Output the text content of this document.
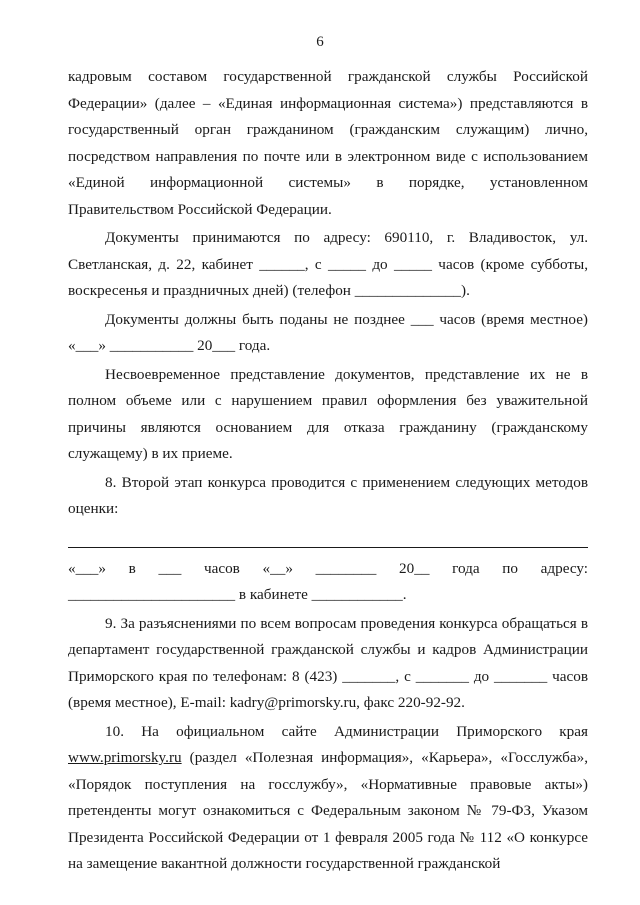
6

кадровым составом государственной гражданской службы Российской Федерации» (далее – «Единая информационная система») представляются в государственный орган гражданином (гражданским служащим) лично, посредством направления по почте или в электронном виде с использованием «Единой информационной системы» в порядке, установленном Правительством Российской Федерации.

Документы принимаются по адресу: 690110, г. Владивосток, ул. Светланская, д. 22, кабинет ______, с _____ до _____ часов (кроме субботы, воскресенья и праздничных дней) (телефон ______________).

Документы должны быть поданы не позднее ___ часов (время местное) «___» ___________ 20___ года.

Несвоевременное представление документов, представление их не в полном объеме или с нарушением правил оформления без уважительной причины являются основанием для отказа гражданину (гражданскому служащему) в их приеме.

8. Второй этап конкурса проводится с применением следующих методов оценки:

«___» в ___ часов «__» ________ 20__ года по адресу: ______________________ в кабинете ____________.

9. За разъяснениями по всем вопросам проведения конкурса обращаться в департамент государственной гражданской службы и кадров Администрации Приморского края по телефонам: 8 (423) _______, с _______ до _______ часов (время местное), E-mail: kadry@primorsky.ru, факс 220-92-92.

10. На официальном сайте Администрации Приморского края www.primorsky.ru (раздел «Полезная информация», «Карьера», «Госслужба», «Порядок поступления на госслужбу», «Нормативные правовые акты») претенденты могут ознакомиться с Федеральным законом № 79-ФЗ, Указом Президента Российской Федерации от 1 февраля 2005 года № 112 «О конкурсе на замещение вакантной должности государственной гражданской
